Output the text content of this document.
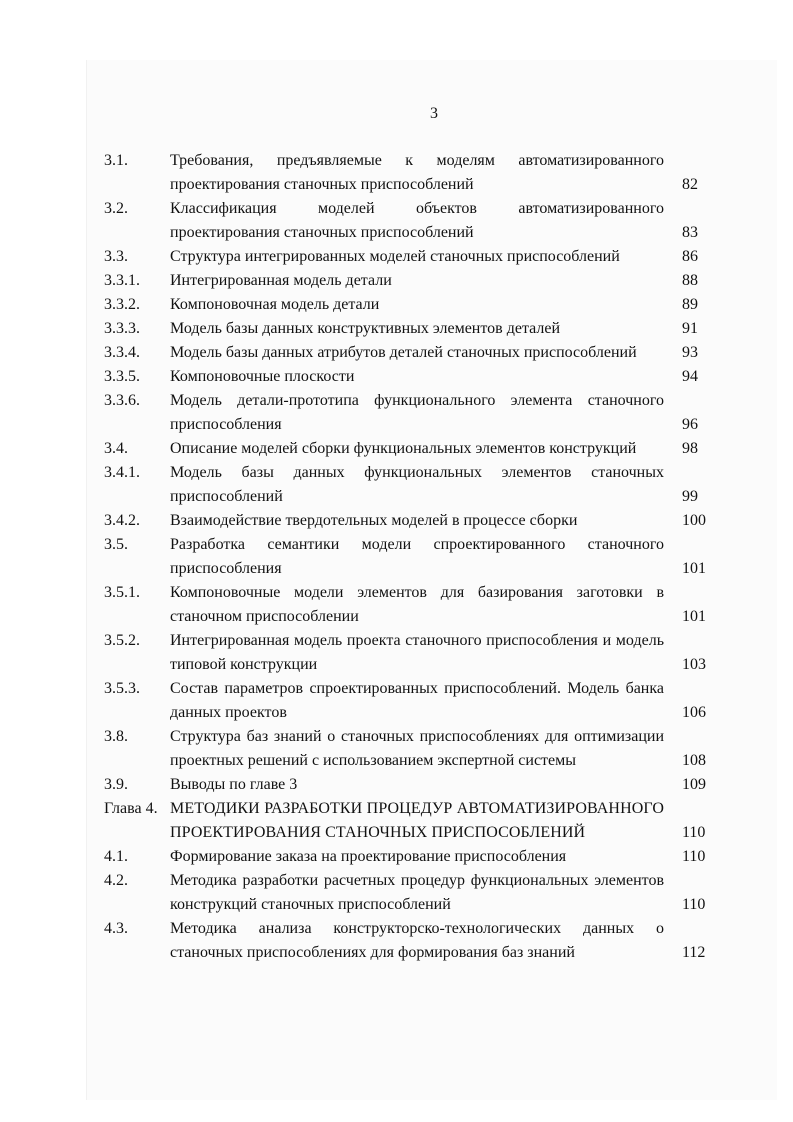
3
3.1.	Требования, предъявляемые к моделям автоматизированного проектирования станочных приспособлений	82
3.2.	Классификация моделей объектов автоматизированного проектирования станочных приспособлений	83
3.3.	Структура интегрированных моделей станочных приспособлений	86
3.3.1.	Интегрированная модель детали	88
3.3.2.	Компоновочная модель детали	89
3.3.3.	Модель базы данных конструктивных элементов деталей	91
3.3.4.	Модель базы данных атрибутов деталей станочных приспособлений	93
3.3.5.	Компоновочные плоскости	94
3.3.6.	Модель детали-прототипа функционального элемента станочного приспособления	96
3.4.	Описание моделей сборки функциональных элементов конструкций	98
3.4.1.	Модель базы данных функциональных элементов станочных приспособлений	99
3.4.2.	Взаимодействие твердотельных моделей в процессе сборки	100
3.5.	Разработка семантики модели спроектированного станочного приспособления	101
3.5.1.	Компоновочные модели элементов для базирования заготовки в станочном приспособлении	101
3.5.2.	Интегрированная модель проекта станочного приспособления и модель типовой конструкции	103
3.5.3.	Состав параметров спроектированных приспособлений. Модель банка данных проектов	106
3.8.	Структура баз знаний о станочных приспособлениях для оптимизации проектных решений с использованием экспертной системы	108
3.9.	Выводы по главе 3	109
Глава 4. МЕТОДИКИ РАЗРАБОТКИ ПРОЦЕДУР АВТОМАТИЗИРОВАННОГО ПРОЕКТИРОВАНИЯ СТАНОЧНЫХ ПРИСПОСОБЛЕНИЙ	110
4.1.	Формирование заказа на проектирование приспособления	110
4.2.	Методика разработки расчетных процедур функциональных элементов конструкций станочных приспособлений	110
4.3.	Методика анализа конструкторско-технологических данных о станочных приспособлениях для формирования баз знаний	112
